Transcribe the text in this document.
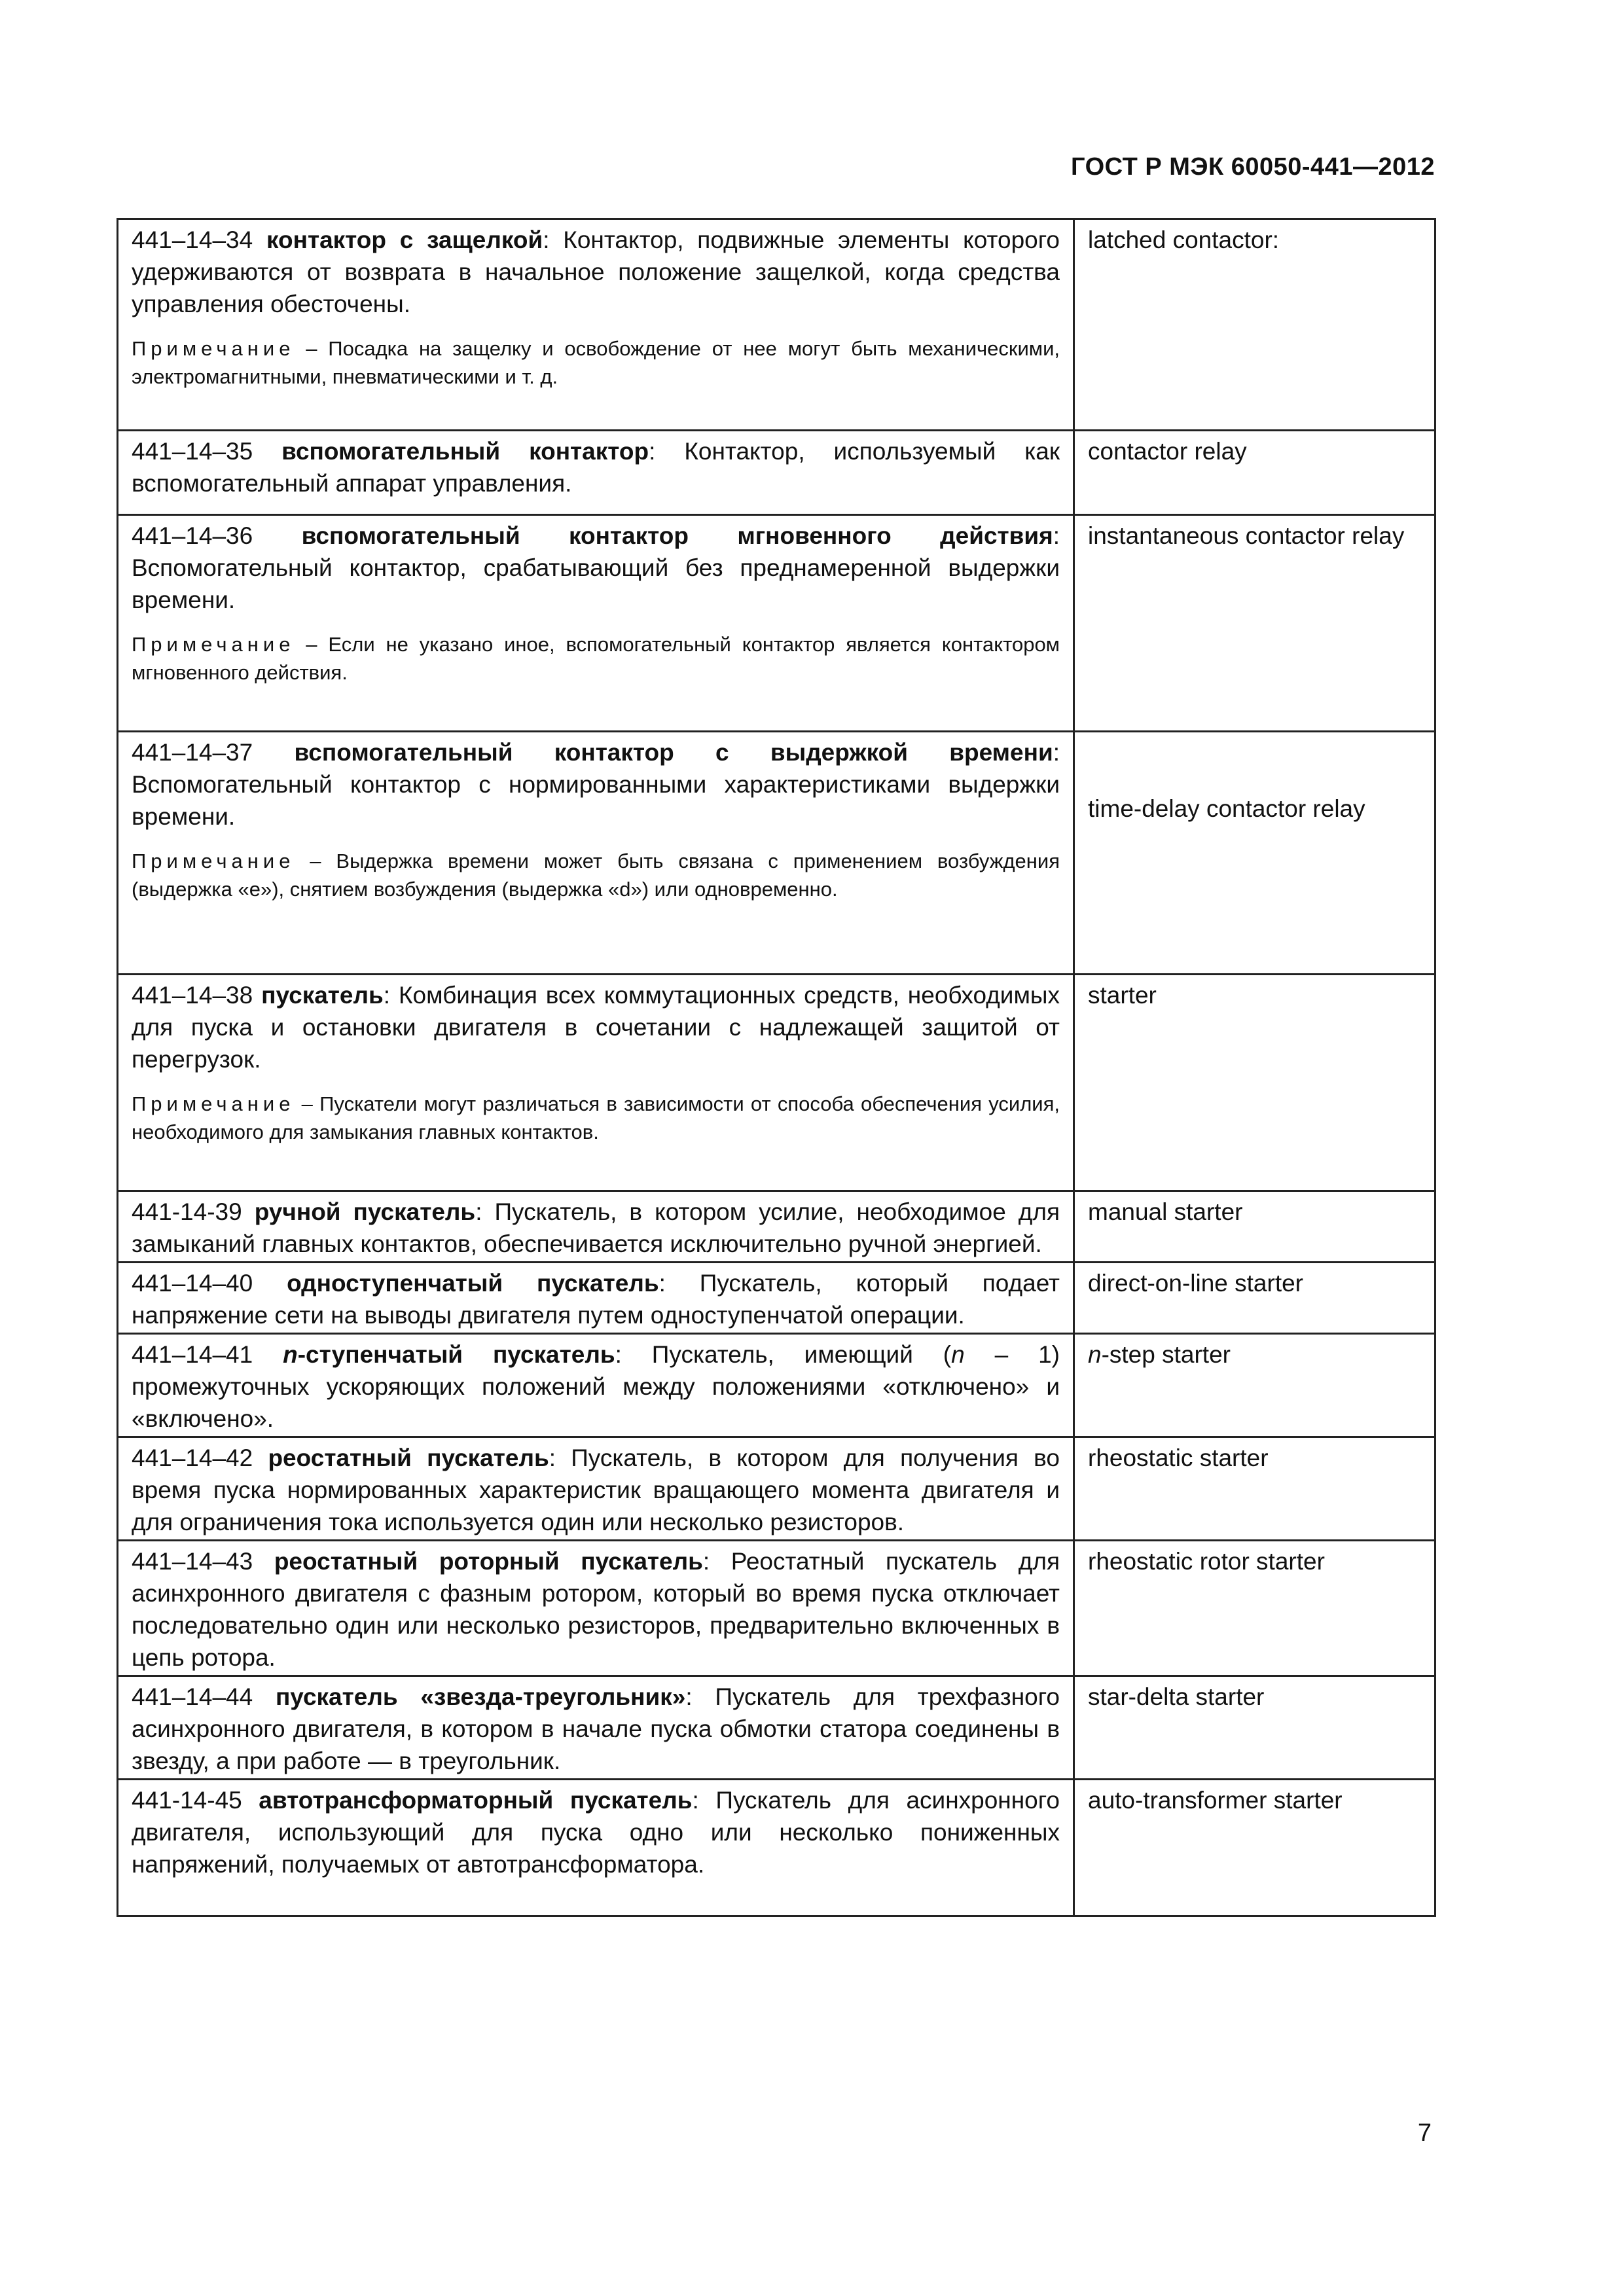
ГОСТ Р МЭК 60050-441—2012
441–14–34 контактор с защелкой: Контактор, подвижные элементы которого удерживаются от возврата в начальное положение защелкой, когда средства управления обесточены.
Примечание – Посадка на защелку и освобождение от нее могут быть механическими, электромагнитными, пневматическими и т. д.	latched contactor:
441–14–35 вспомогательный контактор: Контактор, используемый как вспомогательный аппарат управления.	contactor relay
441–14–36 вспомогательный контактор мгновенного действия: Вспомогательный контактор, срабатывающий без преднамеренной выдержки времени.
Примечание – Если не указано иное, вспомогательный контактор является контактором мгновенного действия.	instantaneous contactor relay
441–14–37 вспомогательный контактор с выдержкой времени: Вспомогательный контактор с нормированными характеристиками выдержки времени.
Примечание – Выдержка времени может быть связана с применением возбуждения (выдержка «е»), снятием возбуждения (выдержка «d») или одновременно.	time-delay contactor relay
441–14–38 пускатель: Комбинация всех коммутационных средств, необходимых для пуска и остановки двигателя в сочетании с надлежащей защитой от перегрузок.
Примечание – Пускатели могут различаться в зависимости от способа обеспечения усилия, необходимого для замыкания главных контактов.	starter
441-14-39 ручной пускатель: Пускатель, в котором усилие, необходимое для замыканий главных контактов, обеспечивается исключительно ручной энергией.	manual starter
441–14–40 одноступенчатый пускатель: Пускатель, который подает напряжение сети на выводы двигателя путем одноступенчатой операции.	direct-on-line starter
441–14–41 n-ступенчатый пускатель: Пускатель, имеющий (n – 1) промежуточных ускоряющих положений между положениями «отключено» и «включено».	n-step starter
441–14–42 реостатный пускатель: Пускатель, в котором для получения во время пуска нормированных характеристик вращающего момента двигателя и для ограничения тока используется один или несколько резисторов.	rheostatic starter
441–14–43 реостатный роторный пускатель: Реостатный пускатель для асинхронного двигателя с фазным ротором, который во время пуска отключает последовательно один или несколько резисторов, предварительно включенных в цепь ротора.	rheostatic rotor starter
441–14–44 пускатель «звезда-треугольник»: Пускатель для трехфазного асинхронного двигателя, в котором в начале пуска обмотки статора соединены в звезду, а при работе — в треугольник.	star-delta starter
441-14-45 автотрансформаторный пускатель: Пускатель для асинхронного двигателя, использующий для пуска одно или несколько пониженных напряжений, получаемых от автотрансформатора.	auto-transformer starter
7
